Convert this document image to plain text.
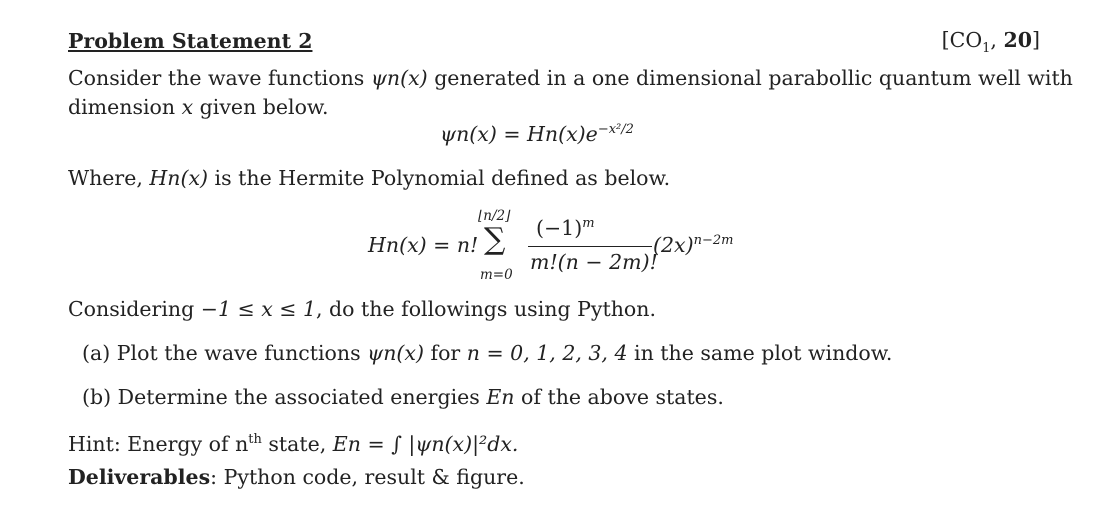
Problem Statement 2	[$CO_1$, 20]
Consider the wave functions ψn(x) generated in a one dimensional parabollic quantum well with
dimension x given below.
$\psi n(x) = Hn(x)e^{-x^2/2}$
Where, Hn(x) is the Hermite Polynomial defined as below.
Hn(x) = n!
⌊n/2⌋
∑
m=0
$(-1)^m$
m!(n − 2m)!
$(2x)^{n-2m}$
Considering −1 ≤ x ≤ 1, do the followings using Python.
(a) Plot the wave functions ψn(x) for n = 0, 1, 2, 3, 4 in the same plot window.
(b) Determine the associated energies En of the above states.
Hint: Energy of $n^{th}$ state, En = ∫ |ψn(x)|²dx.
Deliverables: Python code, result & figure.
